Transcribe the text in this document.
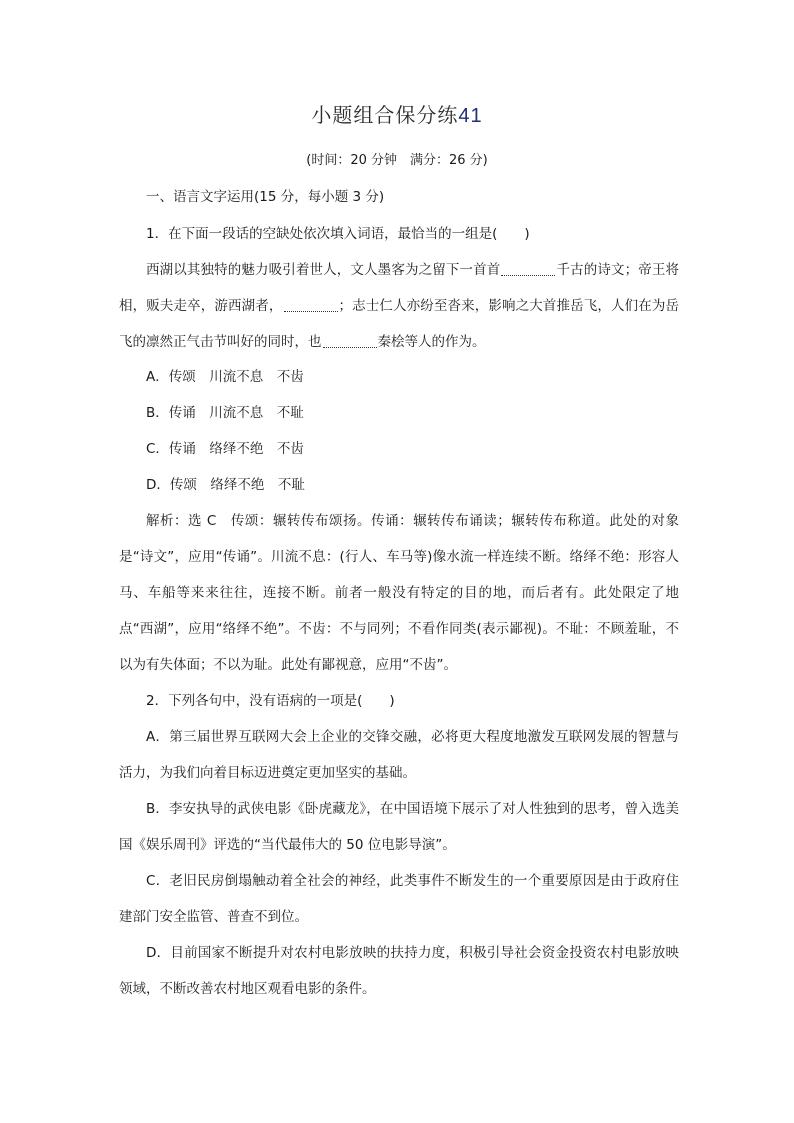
小题组合保分练41
(时间：20 分钟　满分：26 分)
一、语言文字运用(15 分，每小题 3 分)
1．在下面一段话的空缺处依次填入词语，最恰当的一组是(　　)
西湖以其独特的魅力吸引着世人，文人墨客为之留下一首首	千古的诗文；帝王将相，贩夫走卒，游西湖者，	；志士仁人亦纷至沓来，影响之大首推岳飞，人们在为岳飞的凛然正气击节叫好的同时，也	秦桧等人的作为。
A．传颂　川流不息　不齿
B．传诵　川流不息　不耻
C．传诵　络绎不绝　不齿
D．传颂　络绎不绝　不耻
解析：选 C　传颂：辗转传布颂扬。传诵：辗转传布诵读；辗转传布称道。此处的对象是“诗文”，应用“传诵”。川流不息：(行人、车马等)像水流一样连续不断。络绎不绝：形容人马、车船等来来往往，连接不断。前者一般没有特定的目的地，而后者有。此处限定了地点“西湖”，应用“络绎不绝”。不齿：不与同列；不看作同类(表示鄙视)。不耻：不顾羞耻，不以为有失体面；不以为耻。此处有鄙视意，应用“不齿”。
2．下列各句中，没有语病的一项是(　　)
A．第三届世界互联网大会上企业的交锋交融，必将更大程度地激发互联网发展的智慧与活力，为我们向着目标迈进奠定更加坚实的基础。
B．李安执导的武侠电影《卧虎藏龙》，在中国语境下展示了对人性独到的思考，曾入选美国《娱乐周刊》评选的“当代最伟大的 50 位电影导演”。
C．老旧民房倒塌触动着全社会的神经，此类事件不断发生的一个重要原因是由于政府住建部门安全监管、普查不到位。
D．目前国家不断提升对农村电影放映的扶持力度，积极引导社会资金投资农村电影放映领域，不断改善农村地区观看电影的条件。
